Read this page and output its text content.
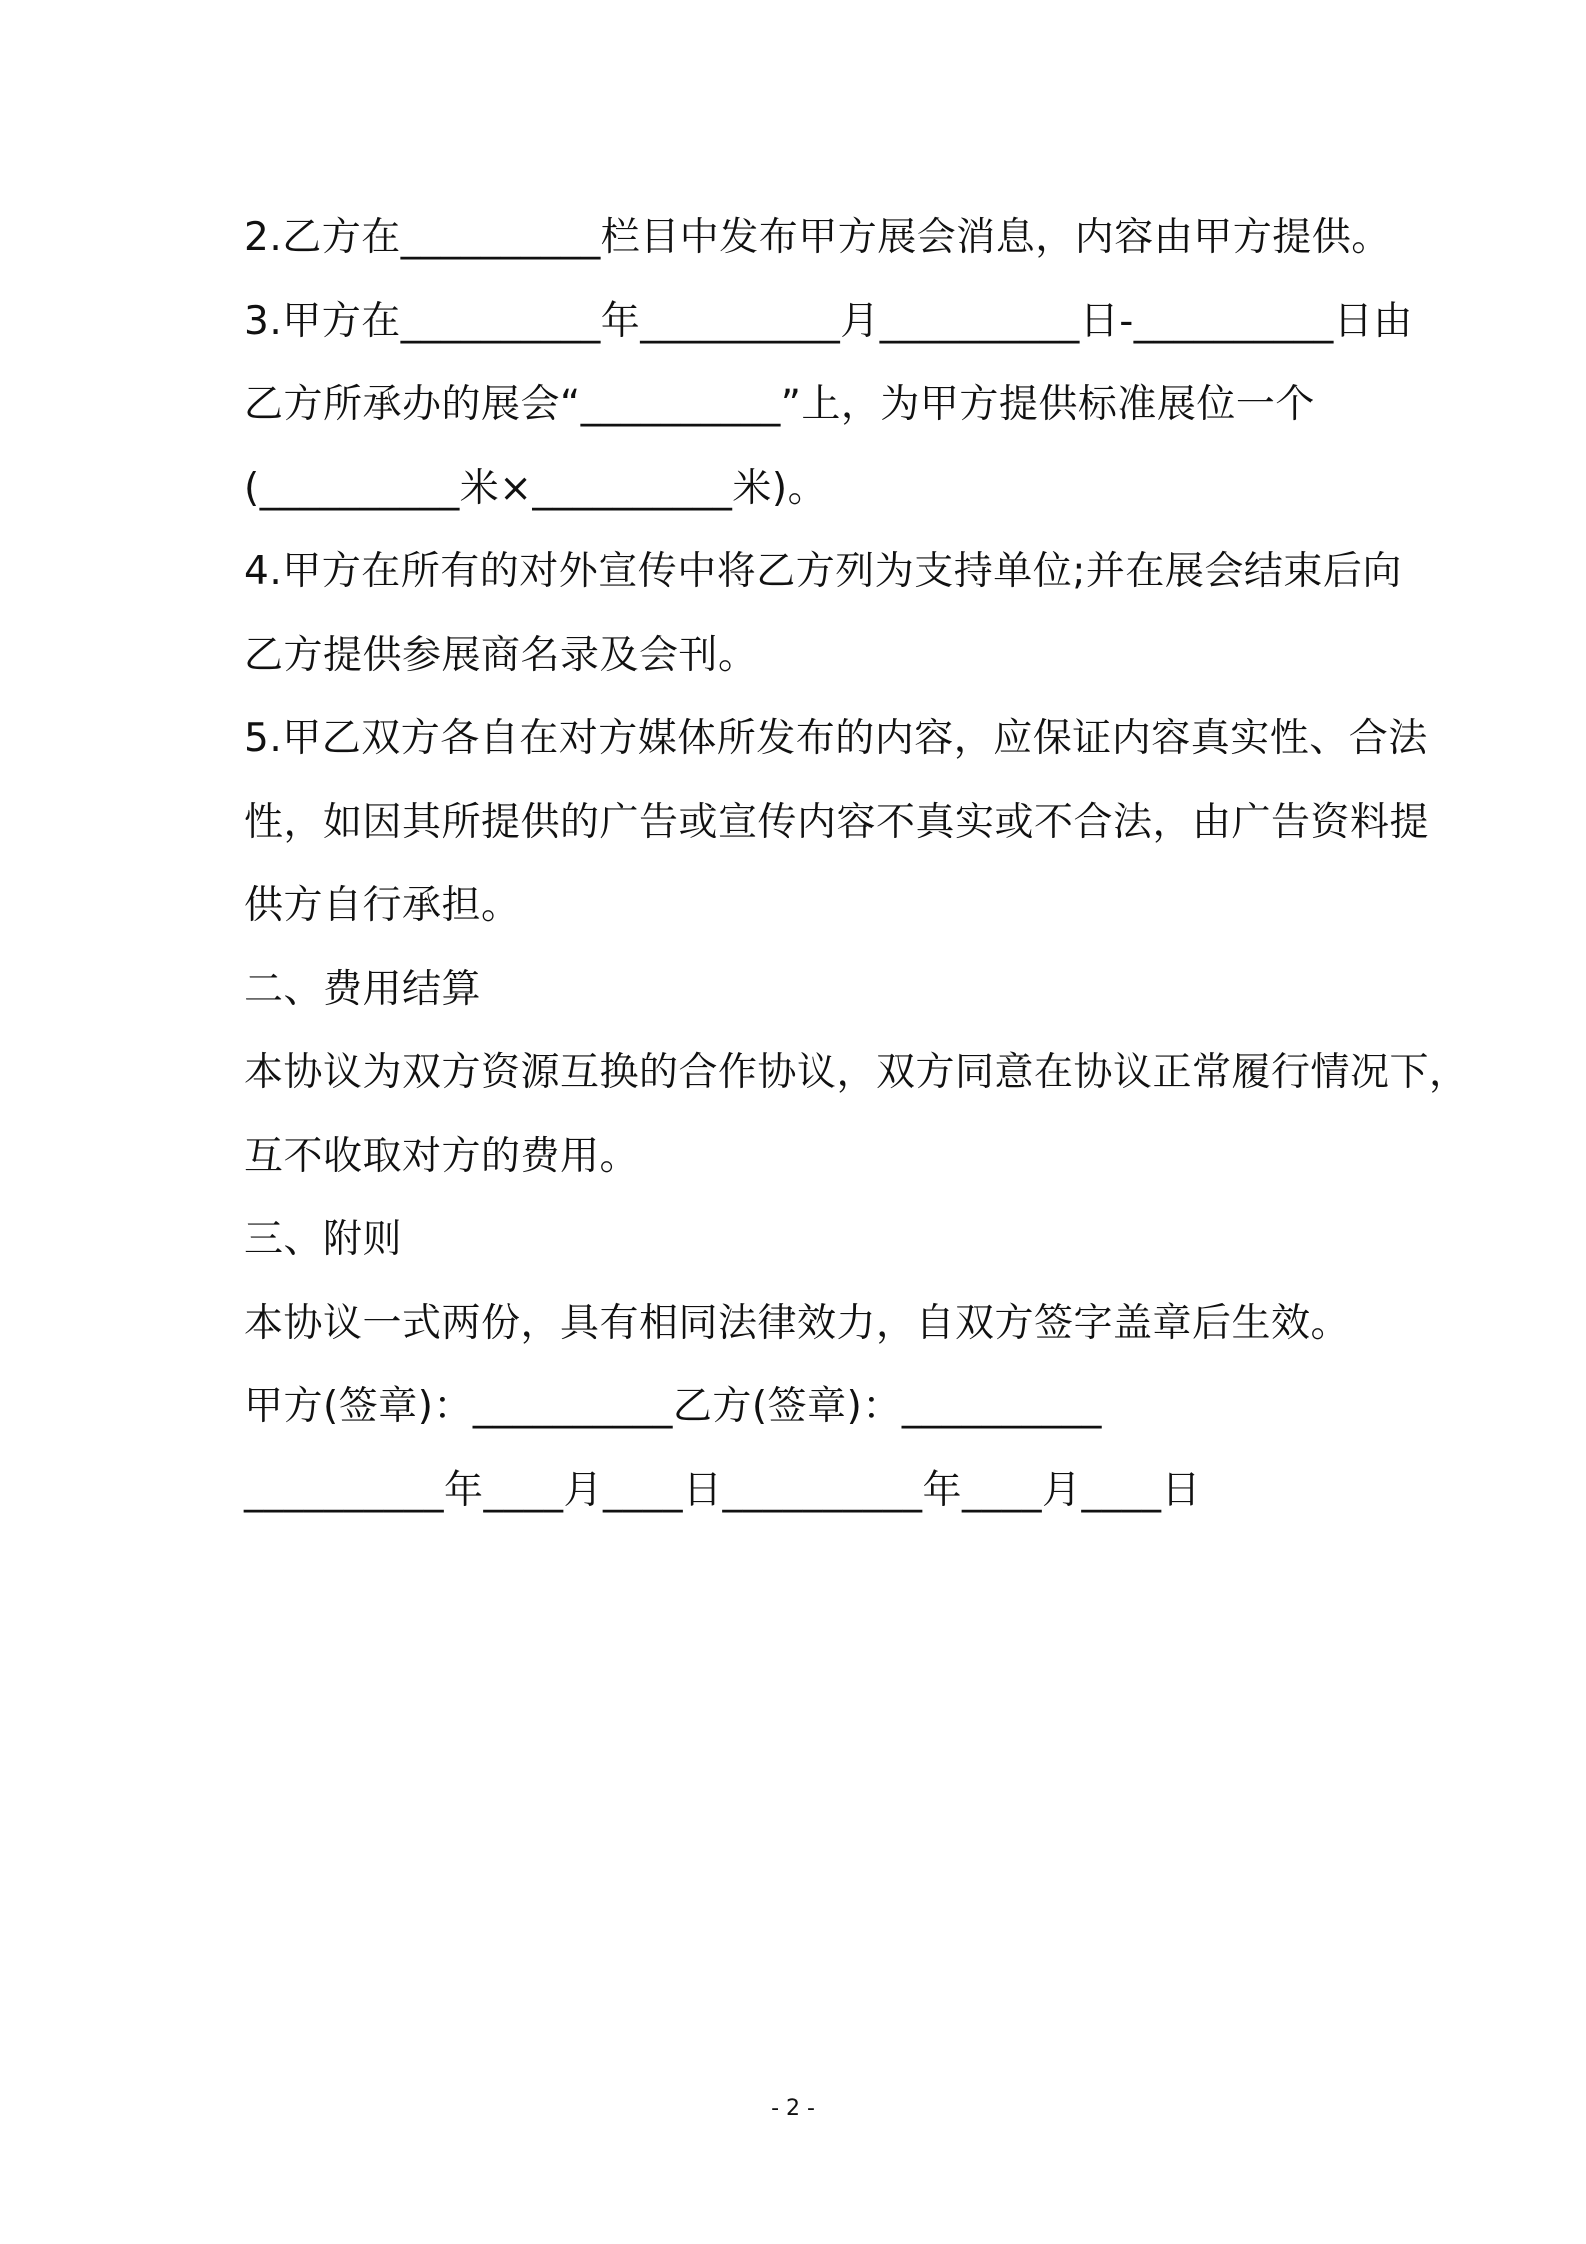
2.乙方在__________栏目中发布甲方展会消息，内容由甲方提供。

3.甲方在__________年__________月__________日-__________日由

乙方所承办的展会“__________”上，为甲方提供标准展位一个

(__________米×__________米)。

4.甲方在所有的对外宣传中将乙方列为支持单位;并在展会结束后向

乙方提供参展商名录及会刊。

5.甲乙双方各自在对方媒体所发布的内容，应保证内容真实性、合法

性，如因其所提供的广告或宣传内容不真实或不合法，由广告资料提

供方自行承担。

二、费用结算

本协议为双方资源互换的合作协议，双方同意在协议正常履行情况下，

互不收取对方的费用。

三、附则

本协议一式两份，具有相同法律效力，自双方签字盖章后生效。

甲方(签章)：__________乙方(签章)：__________

__________年____月____日__________年____月____日

- 2 -
